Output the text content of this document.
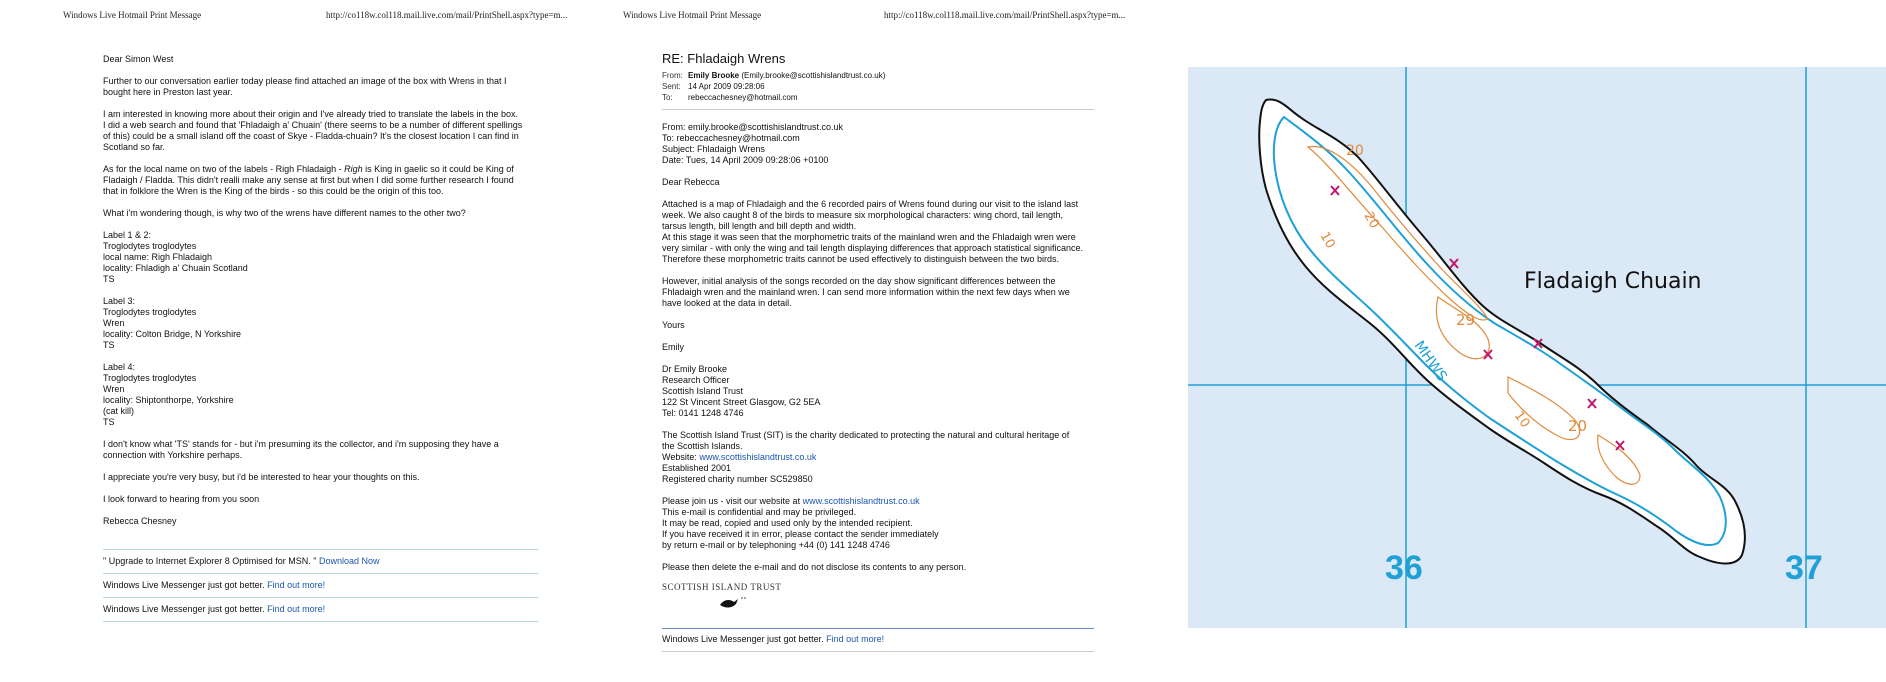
Windows Live Hotmail Print Message	http://co118w.col118.mail.live.com/mail/PrintShell.aspx?type=m...	Windows Live Hotmail Print Message	http://co118w.col118.mail.live.com/mail/PrintShell.aspx?type=m...
Dear Simon West
Further to our conversation earlier today please find attached an image of the box with Wrens in that I
bought here in Preston last year.
I am interested in knowing more about their origin and I've already tried to translate the labels in the box.
I did a web search and found that 'Fhladaigh a' Chuain' (there seems to be a number of different spellings
of this) could be a small island off the coast of Skye - Fladda-chuain? It's the closest location I can find in
Scotland so far.
As for the local name on two of the labels - Righ Fhladaigh - Righ is King in gaelic so it could be King of
Fladaigh / Fladda. This didn't realli make any sense at first but when I did some further research I found
that in folklore the Wren is the King of the birds - so this could be the origin of this too.
What i'm wondering though, is why two of the wrens have different names to the other two?
Label 1 & 2:
Troglodytes troglodytes
local name: Righ Fhladaigh
locality: Fhladigh a' Chuain Scotland
TS
Label 3:
Troglodytes troglodytes
Wren
locality: Colton Bridge, N Yorkshire
TS
Label 4:
Troglodytes troglodytes
Wren
locality: Shiptonthorpe, Yorkshire
(cat kill)
TS
I don't know what 'TS' stands for - but i'm presuming its the collector, and i'm supposing they have a
connection with Yorkshire perhaps.
I appreciate you're very busy, but i'd be interested to hear your thoughts on this.
I look forward to hearing from you soon
Rebecca Chesney
" Upgrade to Internet Explorer 8 Optimised for MSN. " Download Now
Windows Live Messenger just got better. Find out more!
Windows Live Messenger just got better. Find out more!
RE: Fhladaigh Wrens
From: Emily Brooke
(Emily.brooke@scottishislandtrust.co.uk)
Sent: 14 Apr 2009 09:28:06
To:	rebeccachesney@hotmail.com
From: emily.brooke@scottishislandtrust.co.uk
To: rebeccachesney@hotmail.com
Subject: Fhladaigh Wrens
Date: Tues, 14 April 2009 09:28:06 +0100
Dear Rebecca
Attached is a map of Fhladaigh and the 6 recorded pairs of Wrens found during our visit to the island last
week. We also caught 8 of the birds to measure six morphological characters: wing chord, tail length,
tarsus length, bill length and bill depth and width.
At this stage it was seen that the morphometric traits of the mainland wren and the Fhladaigh wren were
very similar - with only the wing and tail length displaying differences that approach statistical significance.
Therefore these morphometric traits cannot be used effectively to distinguish between the two birds.
However, initial analysis of the songs recorded on the day show significant differences between the
Fhladaigh wren and the mainland wren. I can send more information within the next few days when we
have looked at the data in detail.
Yours
Emily
Dr Emily Brooke
Research Officer
Scottish Island Trust
122 St Vincent Street Glasgow, G2 5EA
Tel: 0141 1248 4746
The Scottish Island Trust (SIT) is the charity dedicated to protecting the natural and cultural heritage of
the Scottish Islands.
Website: www.scottishislandtrust.co.uk
Established 2001
Registered charity number SC529850
Please join us - visit our website at www.scottishislandtrust.co.uk
This e-mail is confidential and may be privileged.
It may be read, copied and used only by the intended recipient.
If you have received it in error, please contact the sender immediately
by return e-mail or by telephoning +44 (0) 141 1248 4746
Please then delete the e-mail and do not disclose its contents to any person.
SCOTTISH ISLAND TRUST
Windows Live Messenger just got better. Find out more!
20
20
10
29
10 20
MHWS
Fladaigh Chuain
36	37
